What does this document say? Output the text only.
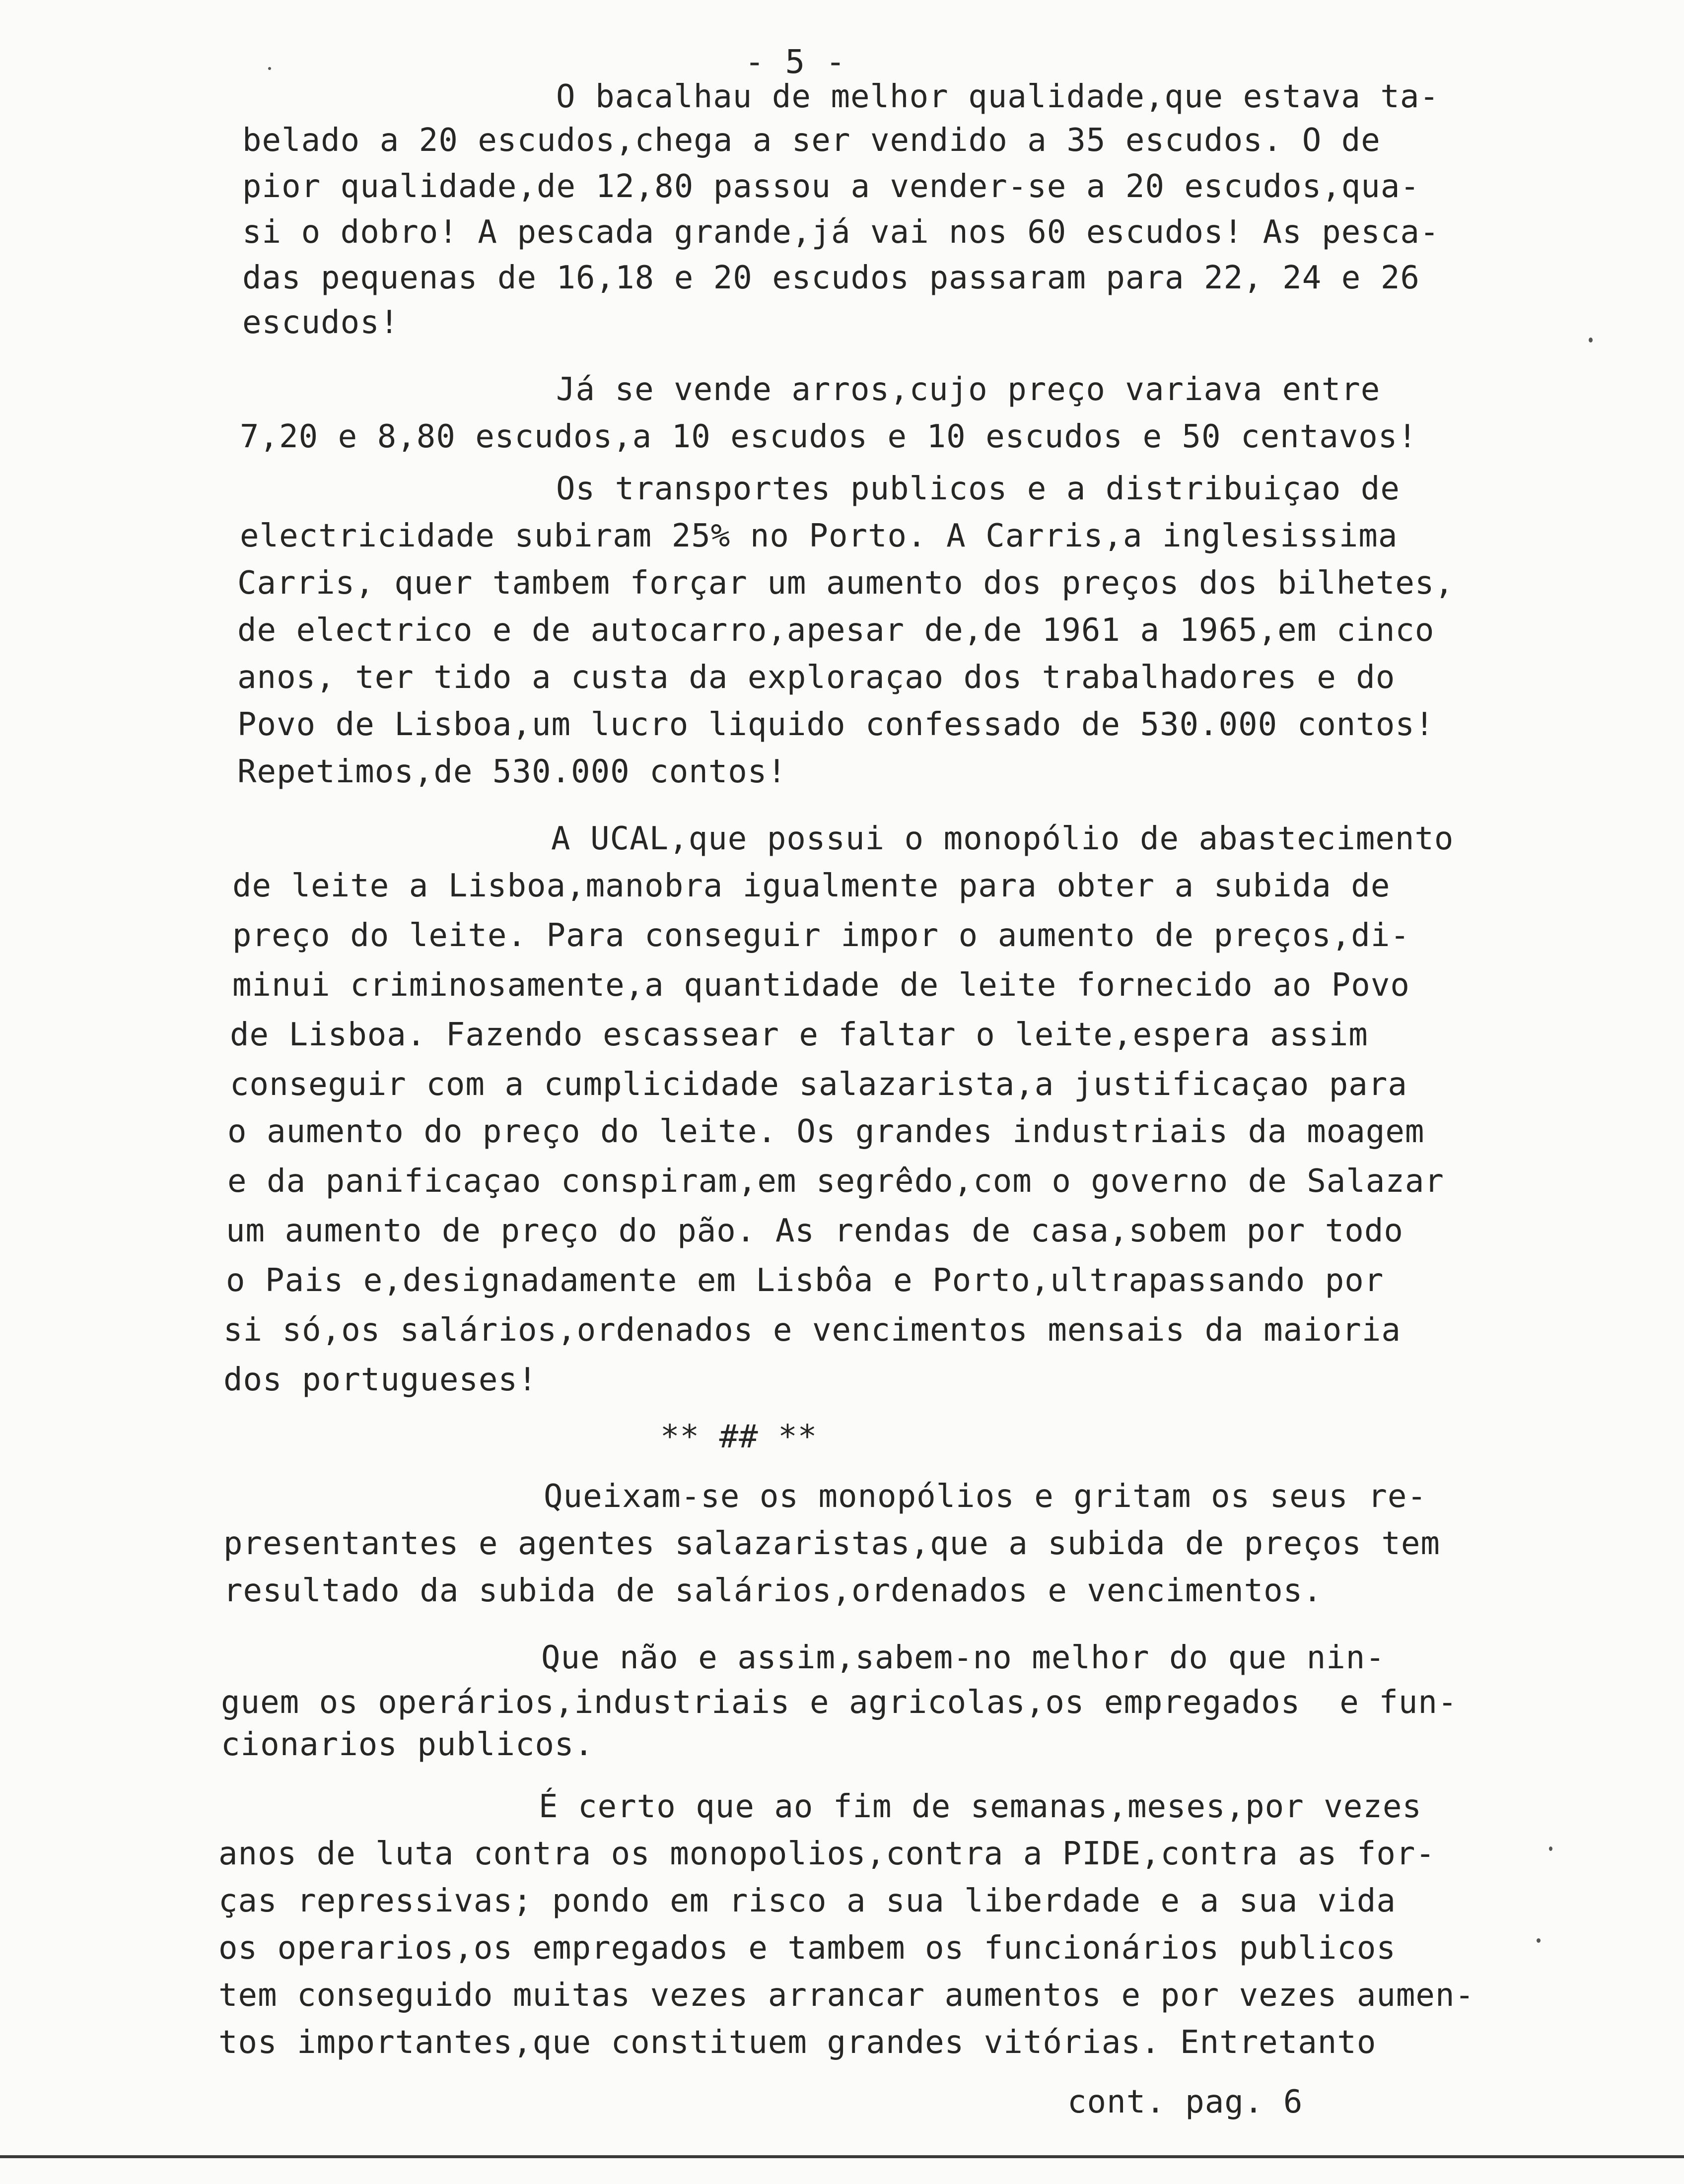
- 5 -
O bacalhau de melhor qualidade,que estava ta-
belado a 20 escudos,chega a ser vendido a 35 escudos. O de
pior qualidade,de 12,80 passou a vender-se a 20 escudos,qua-
si o dobro! A pescada grande,já vai nos 60 escudos! As pesca-
das pequenas de 16,18 e 20 escudos passaram para 22, 24 e 26
escudos!
Já se vende arros,cujo preço variava entre
7,20 e 8,80 escudos,a 10 escudos e 10 escudos e 50 centavos!
Os transportes publicos e a distribuiçao de
electricidade subiram 25% no Porto. A Carris,a inglesissima
Carris, quer tambem forçar um aumento dos preços dos bilhetes,
de electrico e de autocarro,apesar de,de 1961 a 1965,em cinco
anos, ter tido a custa da exploraçao dos trabalhadores e do
Povo de Lisboa,um lucro liquido confessado de 530.000 contos!
Repetimos,de 530.000 contos!
A UCAL,que possui o monopólio de abastecimento
de leite a Lisboa,manobra igualmente para obter a subida de
preço do leite. Para conseguir impor o aumento de preços,di-
minui criminosamente,a quantidade de leite fornecido ao Povo
de Lisboa. Fazendo escassear e faltar o leite,espera assim
conseguir com a cumplicidade salazarista,a justificaçao para
o aumento do preço do leite. Os grandes industriais da moagem
e da panificaçao conspiram,em segrêdo,com o governo de Salazar
um aumento de preço do pão. As rendas de casa,sobem por todo
o Pais e,designadamente em Lisbôa e Porto,ultrapassando por
si só,os salários,ordenados e vencimentos mensais da maioria
dos portugueses!
** ## **
Queixam-se os monopólios e gritam os seus re-
presentantes e agentes salazaristas,que a subida de preços tem
resultado da subida de salários,ordenados e vencimentos.
Que não e assim,sabem-no melhor do que nin-
guem os operários,industriais e agricolas,os empregados  e fun-
cionarios publicos.
É certo que ao fim de semanas,meses,por vezes
anos de luta contra os monopolios,contra a PIDE,contra as for-
ças repressivas; pondo em risco a sua liberdade e a sua vida
os operarios,os empregados e tambem os funcionários publicos
tem conseguido muitas vezes arrancar aumentos e por vezes aumen-
tos importantes,que constituem grandes vitórias. Entretanto
cont. pag. 6
